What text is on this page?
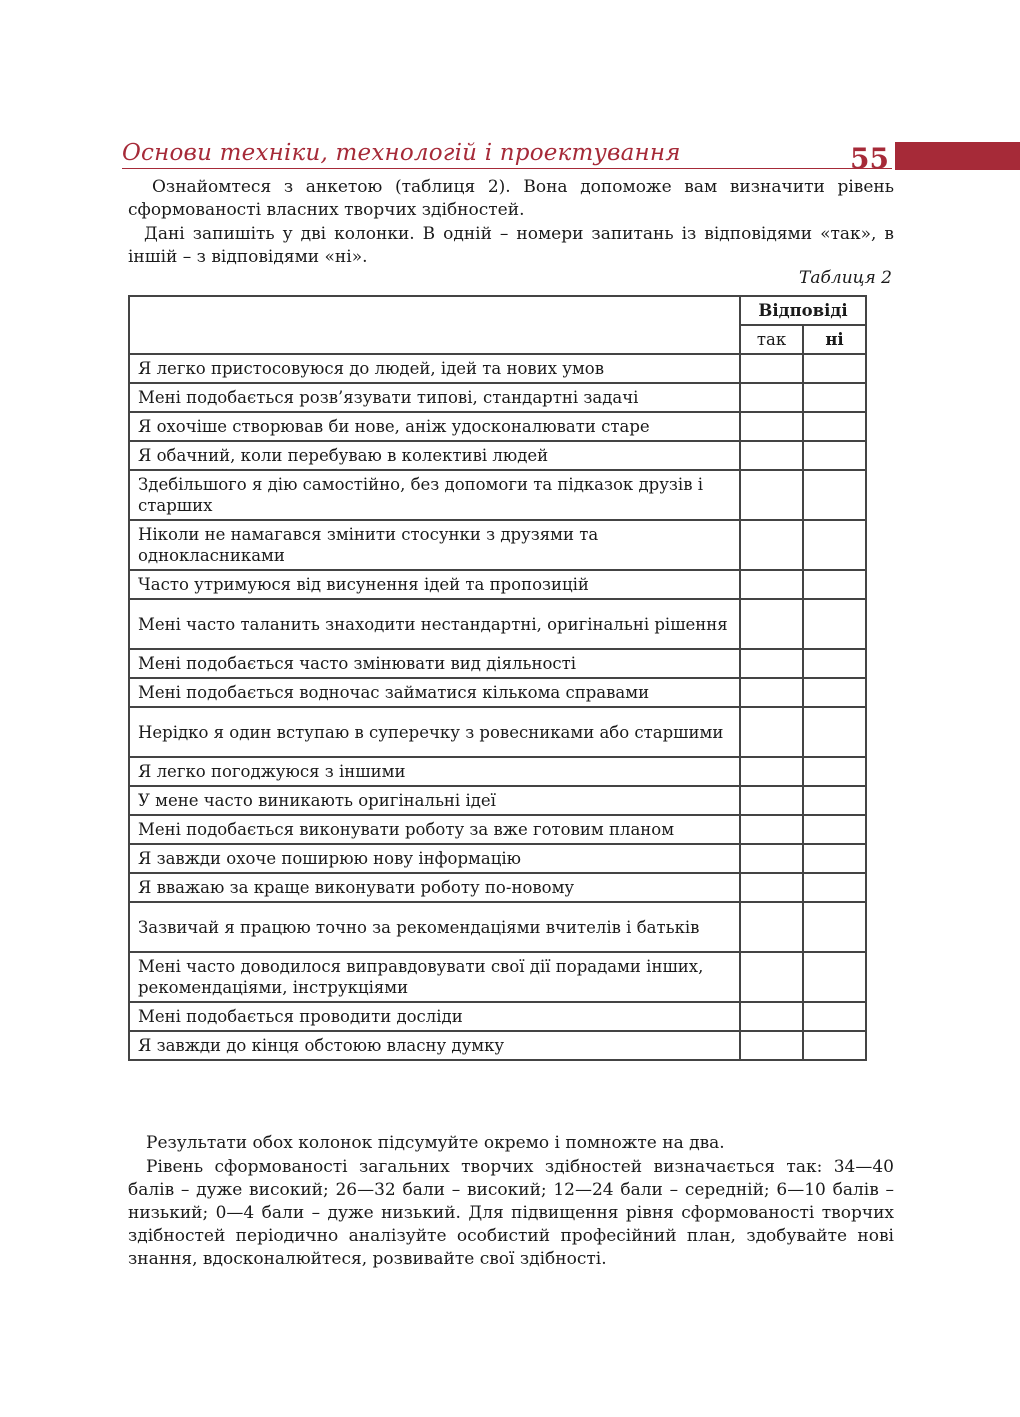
Основи техніки, технологій і проектування	55
Ознайомтеся з анкетою (таблиця 2). Вона допоможе вам визначити рівень сформованості власних творчих здібностей.
Дані запишіть у дві колонки. В одній – номери запитань із відповідями «так», в іншій – з відповідями «ні».
Таблиця 2
	Відповіді	
	так	ні
Я легко пристосовуюся до людей, ідей та нових умов		
Мені подобається розв’язувати типові, стандартні задачі		
Я охочіше створював би нове, аніж удосконалювати старе		
Я обачний, коли перебуваю в колективі людей		
Здебільшого я дію самостійно, без допомоги та підказок друзів і старших		
Ніколи не намагався змінити стосунки з друзями та однокласниками		
Часто утримуюся від висунення ідей та пропозицій		
Мені часто таланить знаходити нестандартні, оригінальні рішення		
Мені подобається часто змінювати вид діяльності		
Мені подобається водночас займатися кількома справами		
Нерідко я один вступаю в суперечку з ровесниками або старшими		
Я легко погоджуюся з іншими		
У мене часто виникають оригінальні ідеї		
Мені подобається виконувати роботу за вже готовим планом		
Я завжди охоче поширюю нову інформацію		
Я вважаю за краще виконувати роботу по-новому		
Зазвичай я працюю точно за рекомендаціями вчителів і батьків		
Мені часто доводилося виправдовувати свої дії порадами інших, рекомендаціями, інструкціями		
Мені подобається проводити досліди		
Я завжди до кінця обстоюю власну думку		
Результати обох колонок підсумуйте окремо і помножте на два.
Рівень сформованості загальних творчих здібностей визначається так: 34—40 балів – дуже високий; 26—32 бали – високий; 12—24 бали – середній; 6—10 балів – низький; 0—4 бали – дуже низький. Для підвищення рівня сформованості творчих здібностей періодично аналізуйте особистий професійний план, здобувайте нові знання, вдосконалюйтеся, розвивайте свої здібності.
